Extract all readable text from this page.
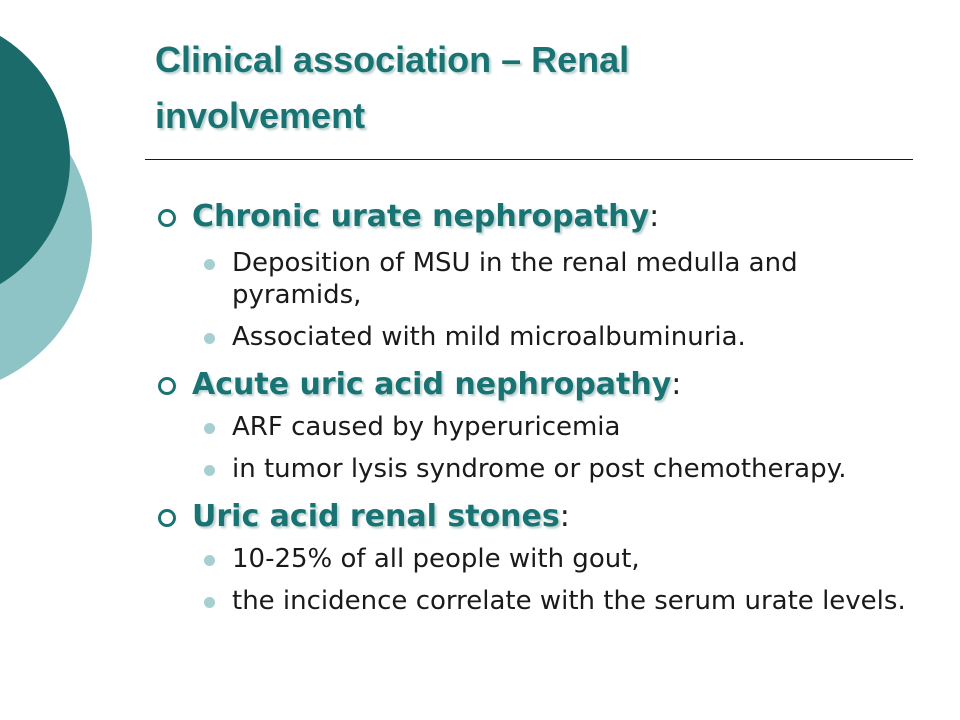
Clinical association – Renal
involvement
Chronic urate nephropathy:
Deposition of MSU in the renal medulla and pyramids,
Associated with mild microalbuminuria.
Acute uric acid nephropathy:
ARF caused by hyperuricemia
in tumor lysis syndrome or post chemotherapy.
Uric acid renal stones:
10-25% of all people with gout,
the incidence correlate with the serum urate levels.
